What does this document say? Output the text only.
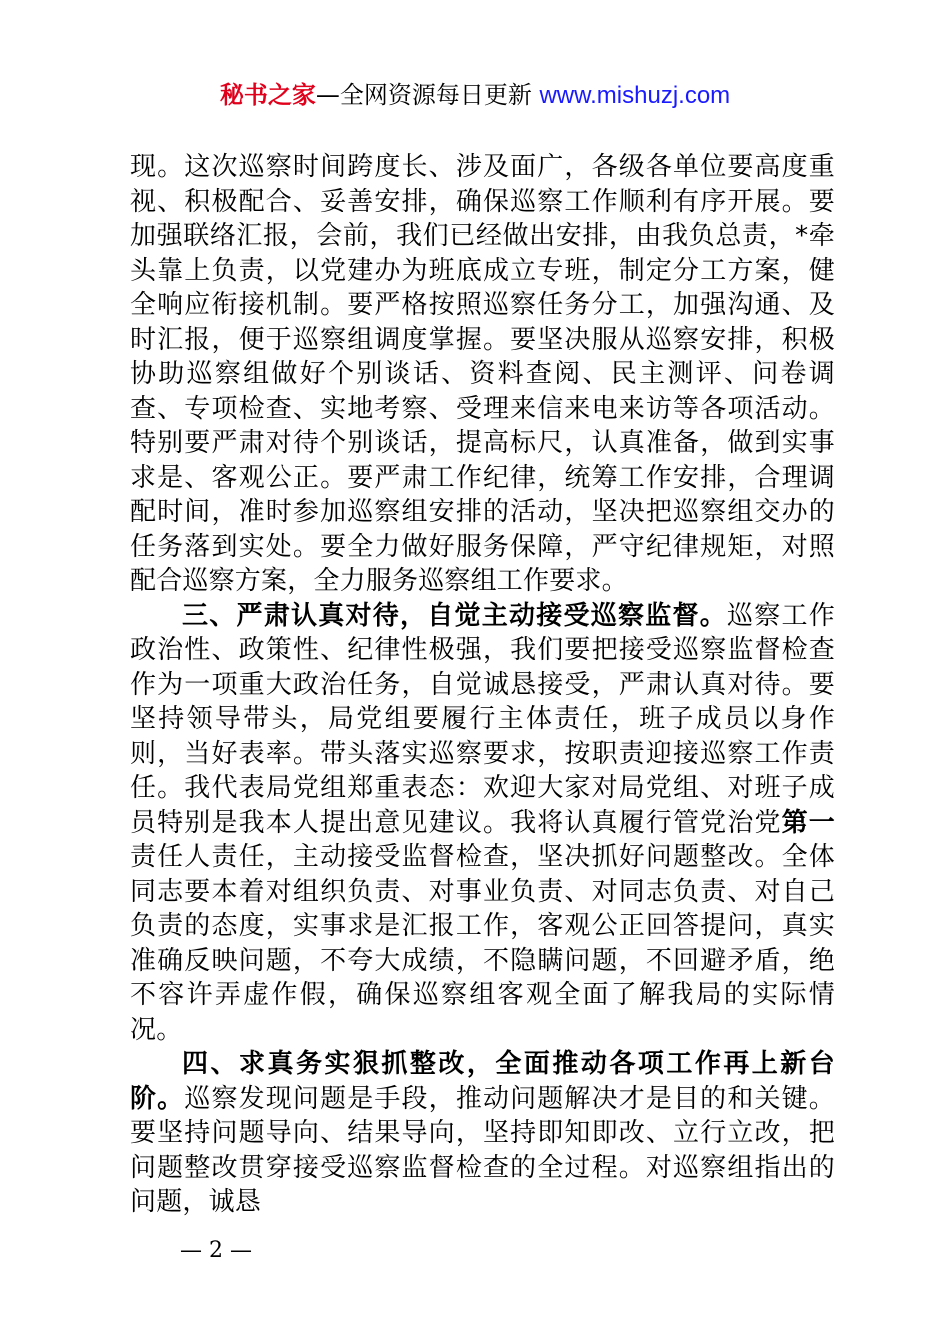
秘书之家—全网资源每日更新 www.mishuzj.com

现。这次巡察时间跨度长、涉及面广，各级各单位要高度重视、积极配合、妥善安排，确保巡察工作顺利有序开展。要加强联络汇报，会前，我们已经做出安排，由我负总责，*牵头靠上负责，以党建办为班底成立专班，制定分工方案，健全响应衔接机制。要严格按照巡察任务分工，加强沟通、及时汇报，便于巡察组调度掌握。要坚决服从巡察安排，积极协助巡察组做好个别谈话、资料查阅、民主测评、问卷调查、专项检查、实地考察、受理来信来电来访等各项活动。特别要严肃对待个别谈话，提高标尺，认真准备，做到实事求是、客观公正。要严肃工作纪律，统筹工作安排，合理调配时间，准时参加巡察组安排的活动，坚决把巡察组交办的任务落到实处。要全力做好服务保障，严守纪律规矩，对照配合巡察方案，全力服务巡察组工作要求。

三、严肃认真对待，自觉主动接受巡察监督。巡察工作政治性、政策性、纪律性极强，我们要把接受巡察监督检查作为一项重大政治任务，自觉诚恳接受，严肃认真对待。要坚持领导带头，局党组要履行主体责任，班子成员以身作则，当好表率。带头落实巡察要求，按职责迎接巡察工作责任。我代表局党组郑重表态：欢迎大家对局党组、对班子成员特别是我本人提出意见建议。我将认真履行管党治党第一责任人责任，主动接受监督检查，坚决抓好问题整改。全体同志要本着对组织负责、对事业负责、对同志负责、对自己负责的态度，实事求是汇报工作，客观公正回答提问，真实准确反映问题，不夸大成绩，不隐瞒问题，不回避矛盾，绝不容许弄虚作假，确保巡察组客观全面了解我局的实际情况。

四、求真务实狠抓整改，全面推动各项工作再上新台阶。巡察发现问题是手段，推动问题解决才是目的和关键。要坚持问题导向、结果导向，坚持即知即改、立行立改，把问题整改贯穿接受巡察监督检查的全过程。对巡察组指出的问题，诚恳

— 2 —
